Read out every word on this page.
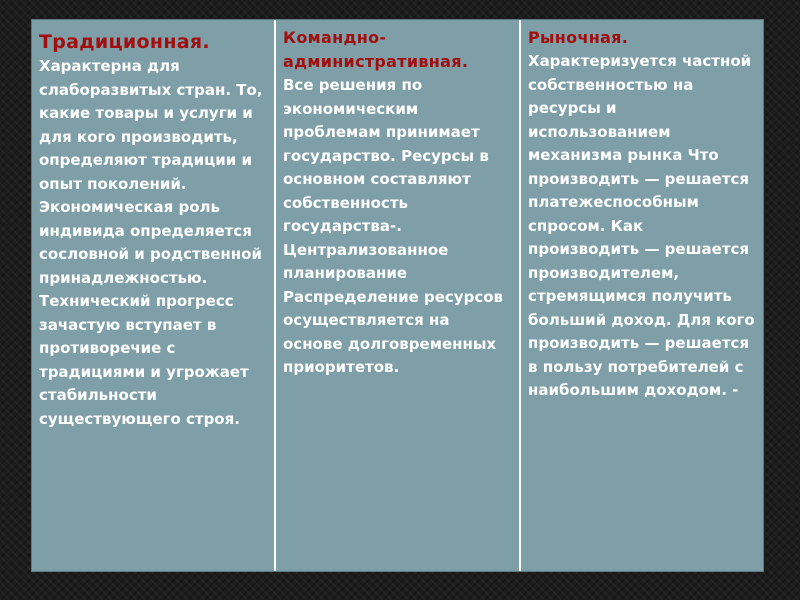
Традиционная.
Характерна для слаборазвитых стран. То, какие товары и услуги и для кого производить, определяют традиции и опыт поколений. Экономическая роль индивида определяется сословной и родственной принадлежностью. Технический прогресс зачастую вступает в противоречие с традициями и угрожает стабильности существующего строя.
Командно-административная.
Все решения по экономическим проблемам принимает государство. Ресурсы в основном составляют собственность государства-. Централизованное планирование Распределение ресурсов осуществляется на основе долговременных приоритетов.
Рыночная.
Характеризуется частной собственностью на ресурсы и использованием механизма рынка Что производить — решается платежеспособным спросом. Как производить — решается производителем, стремящимся получить больший доход. Для кого производить — решается в пользу потребителей с наибольшим доходом. -
